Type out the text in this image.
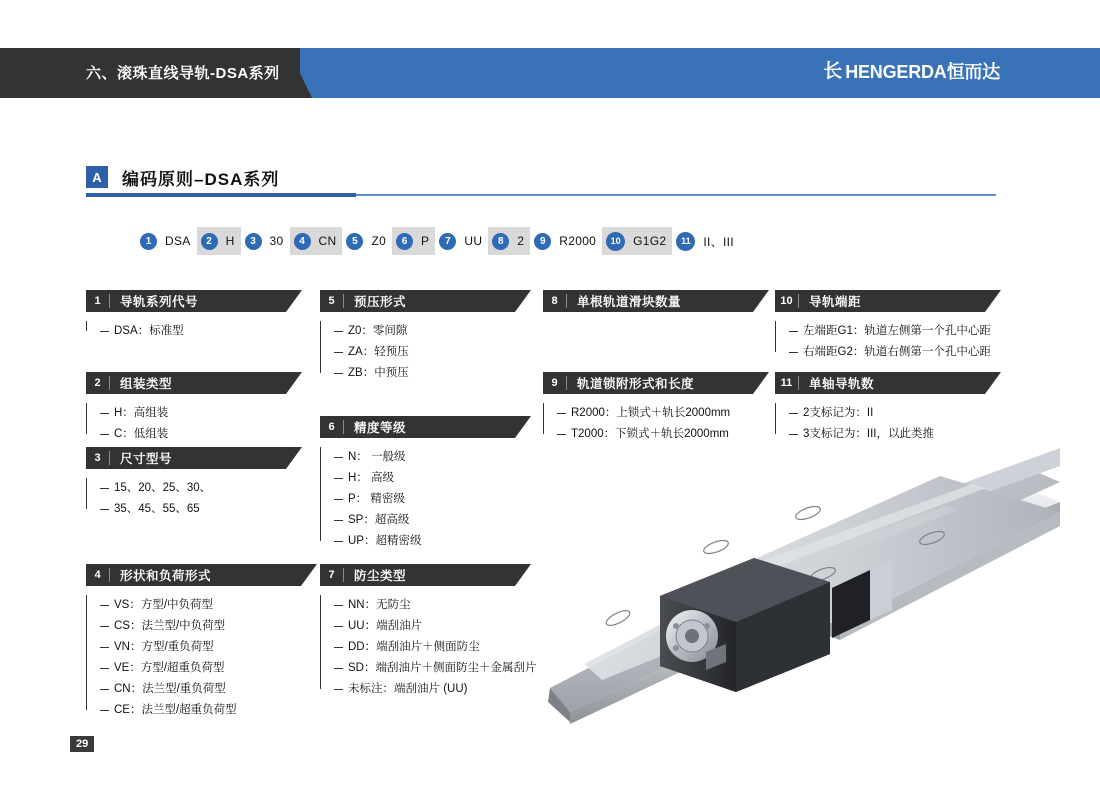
六、滚珠直线导轨-DSA系列	长 HENGERDA恒而达
A	编码原则–DSA系列
1	DSA	2	H	3	30	4	CN	5	Z0	6	P	7	UU	8	2	9	R2000	10	G1G2	11	II、III
1	导轨系列代号
DSA：标准型
2	组装类型
H：高组装
C：低组装
3	尺寸型号
15、20、25、30、
35、45、55、65
4	形状和负荷形式
VS：方型/中负荷型
CS：法兰型/中负荷型
VN：方型/重负荷型
VE：方型/超重负荷型
CN：法兰型/重负荷型
CE：法兰型/超重负荷型
5	预压形式
Z0：零间隙
ZA：轻预压
ZB：中预压
6	精度等级
N： 一般级
H： 高级
P： 精密级
SP：超高级
UP：超精密级
7	防尘类型
NN：无防尘
UU：端刮油片
DD：端刮油片＋侧面防尘
SD：端刮油片＋侧面防尘＋金属刮片
未标注：端刮油片 (UU)
8	单根轨道滑块数量
9	轨道锁附形式和长度
R2000：上锁式＋轨长2000mm
T2000：下锁式＋轨长2000mm
10	导轨端距
左端距G1：轨道左侧第一个孔中心距
右端距G2：轨道右侧第一个孔中心距
11	单轴导轨数
2支标记为：II
3支标记为：III，以此类推
29
